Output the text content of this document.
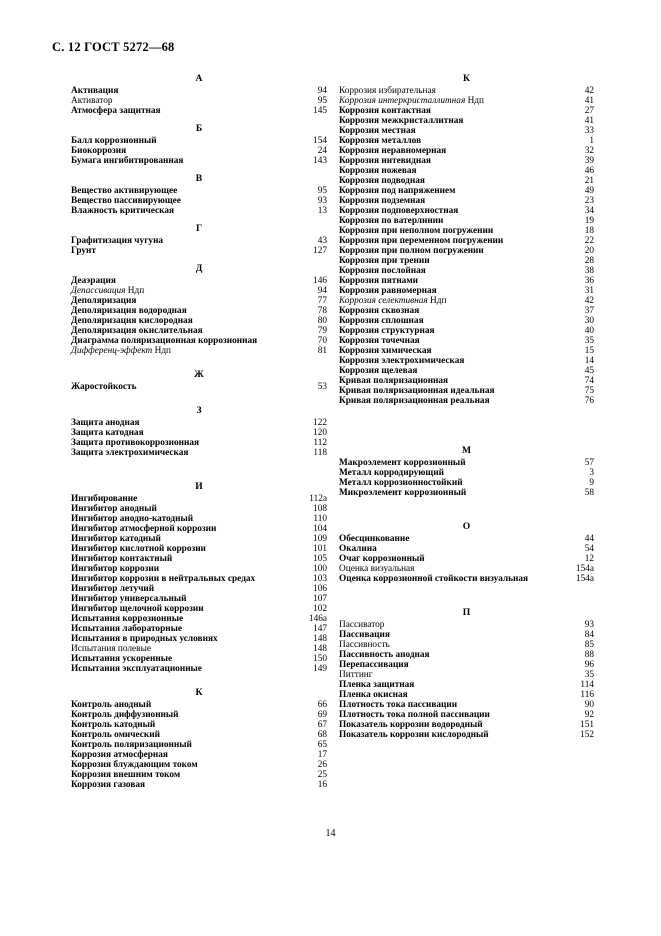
С. 12 ГОСТ 5272—68
А
Активация	94
Активатор	95
Атмосфера защитная	145
Б
Балл коррозионный	154
Биокоррозия	24
Бумага ингибитированная	143
В
Вещество активирующее	95
Вещество пассивирующее	93
Влажность критическая	13
Г
Графитизация чугуна	43
Грунт	127
Д
Деаэрация	146
Депассивация Ндп	94
Деполяризация	77
Деполяризация водородная	78
Деполяризация кислородная	80
Деполяризация окислительная	79
Диаграмма поляризационная коррозионная	70
Дифференц-эффект Ндп	81
Ж
Жаростойкость	53
З
Защита анодная	122
Защита катодная	120
Защита противокоррозионная	112
Защита электрохимическая	118
И
Ингибирование	112а
Ингибитор анодный	108
Ингибитор анодно-катодный	110
Ингибитор атмосферной коррозии	104
Ингибитор катодный	109
Ингибитор кислотной коррозии	101
Ингибитор контактный	105
Ингибитор коррозии	100
Ингибитор коррозии в нейтральных средах	103
Ингибитор летучий	106
Ингибитор универсальный	107
Ингибитор щелочной коррозии	102
Испытания коррозионные	146а
Испытания лабораторные	147
Испытания в природных условиях	148
Испытания полевые	148
Испытания ускоренные	150
Испытания эксплуатационные	149
К
Контроль анодный	66
Контроль диффузионный	69
Контроль катодный	67
Контроль омический	68
Контроль поляризационный	65
Коррозия атмосферная	17
Коррозия блуждающим током	26
Коррозия внешним током	25
Коррозия газовая	16
К
Коррозия избирательная	42
Коррозия интеркристаллитная Ндп	41
Коррозия контактная	27
Коррозия межкристаллитная	41
Коррозия местная	33
Коррозия металлов	1
Коррозия неравномерная	32
Коррозия нитевидная	39
Коррозия ножевая	46
Коррозия подводная	21
Коррозия под напряжением	49
Коррозия подземная	23
Коррозия подповерхностная	34
Коррозия по ватерлинии	19
Коррозия при неполном погружении	18
Коррозия при переменном погружении	22
Коррозия при полном погружении	20
Коррозия при трении	28
Коррозия послойная	38
Коррозия пятнами	36
Коррозия равномерная	31
Коррозия селективная Ндп	42
Коррозия сквозная	37
Коррозия сплошная	30
Коррозия структурная	40
Коррозия точечная	35
Коррозия химическая	15
Коррозия электрохимическая	14
Коррозия щелевая	45
Кривая поляризационная	74
Кривая поляризационная идеальная	75
Кривая поляризационная реальная	76
М
Макроэлемент коррозионный	57
Металл корродирующий	3
Металл коррозионностойкий	9
Микроэлемент коррозионный	58
О
Обесцинкование	44
Окалина	54
Очаг коррозионный	12
Оценка визуальная	154а
Оценка коррозионной стойкости визуальная	154а
П
Пассиватор	93
Пассивация	84
Пассивность	85
Пассивность анодная	88
Перепассивация	96
Питтинг	35
Пленка защитная	114
Пленка окисная	116
Плотность тока пассивации	90
Плотность тока полной пассивации	92
Показатель коррозии водородный	151
Показатель коррозии кислородный	152
14
